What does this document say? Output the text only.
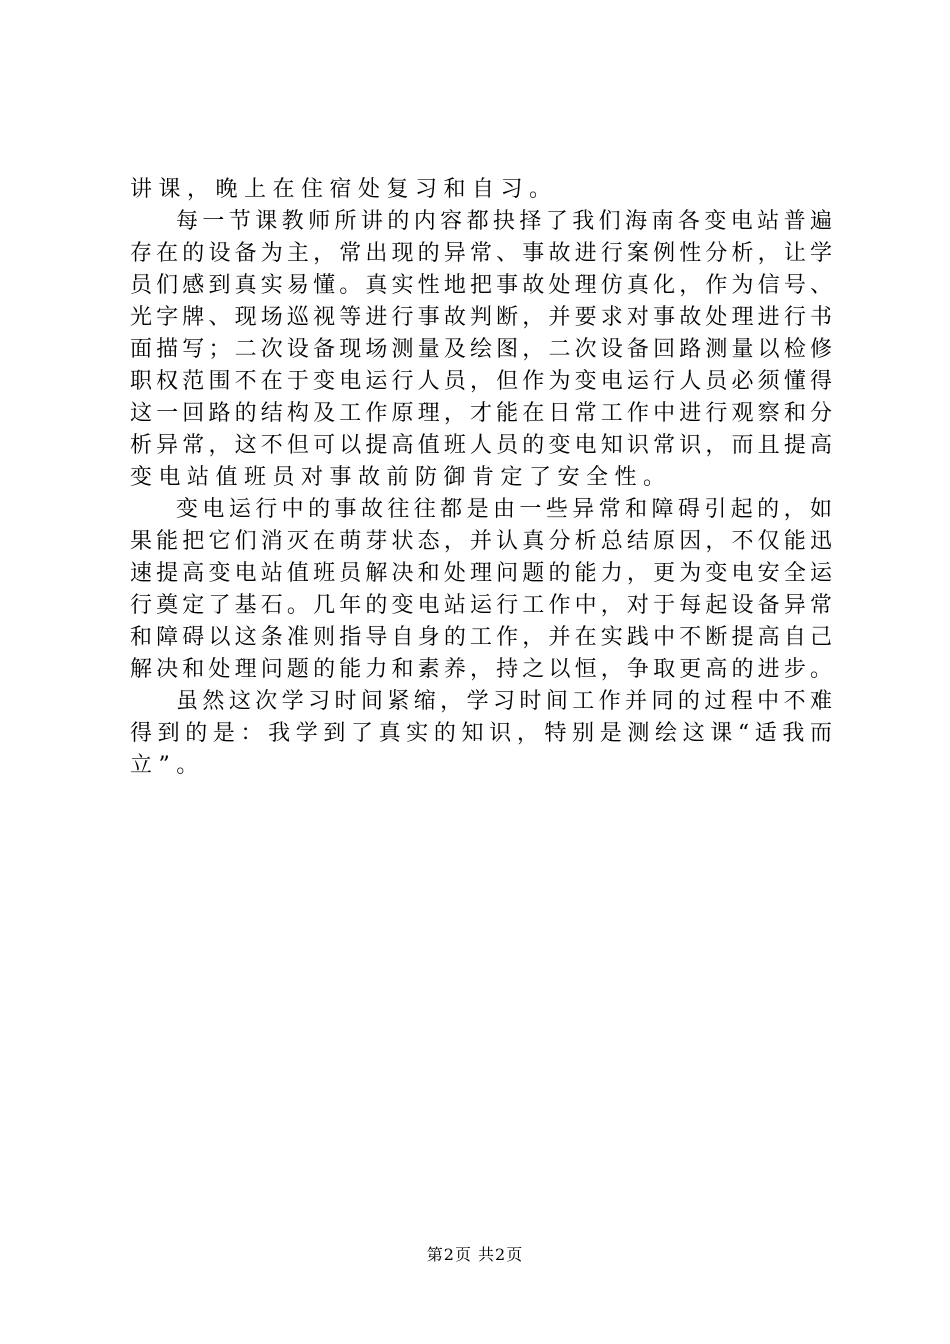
讲课，晚上在住宿处复习和自习。
每一节课教师所讲的内容都抉择了我们海南各变电站普遍
存在的设备为主，常出现的异常、事故进行案例性分析，让学
员们感到真实易懂。真实性地把事故处理仿真化，作为信号、
光字牌、现场巡视等进行事故判断，并要求对事故处理进行书
面描写；二次设备现场测量及绘图，二次设备回路测量以检修
职权范围不在于变电运行人员，但作为变电运行人员必须懂得
这一回路的结构及工作原理，才能在日常工作中进行观察和分
析异常，这不但可以提高值班人员的变电知识常识，而且提高
变电站值班员对事故前防御肯定了安全性。
变电运行中的事故往往都是由一些异常和障碍引起的，如
果能把它们消灭在萌芽状态，并认真分析总结原因，不仅能迅
速提高变电站值班员解决和处理问题的能力，更为变电安全运
行奠定了基石。几年的变电站运行工作中，对于每起设备异常
和障碍以这条准则指导自身的工作，并在实践中不断提高自己
解决和处理问题的能力和素养，持之以恒，争取更高的进步。
虽然这次学习时间紧缩，学习时间工作并同的过程中不难
得到的是：我学到了真实的知识，特别是测绘这课“适我而
立”。
第2页 共2页
